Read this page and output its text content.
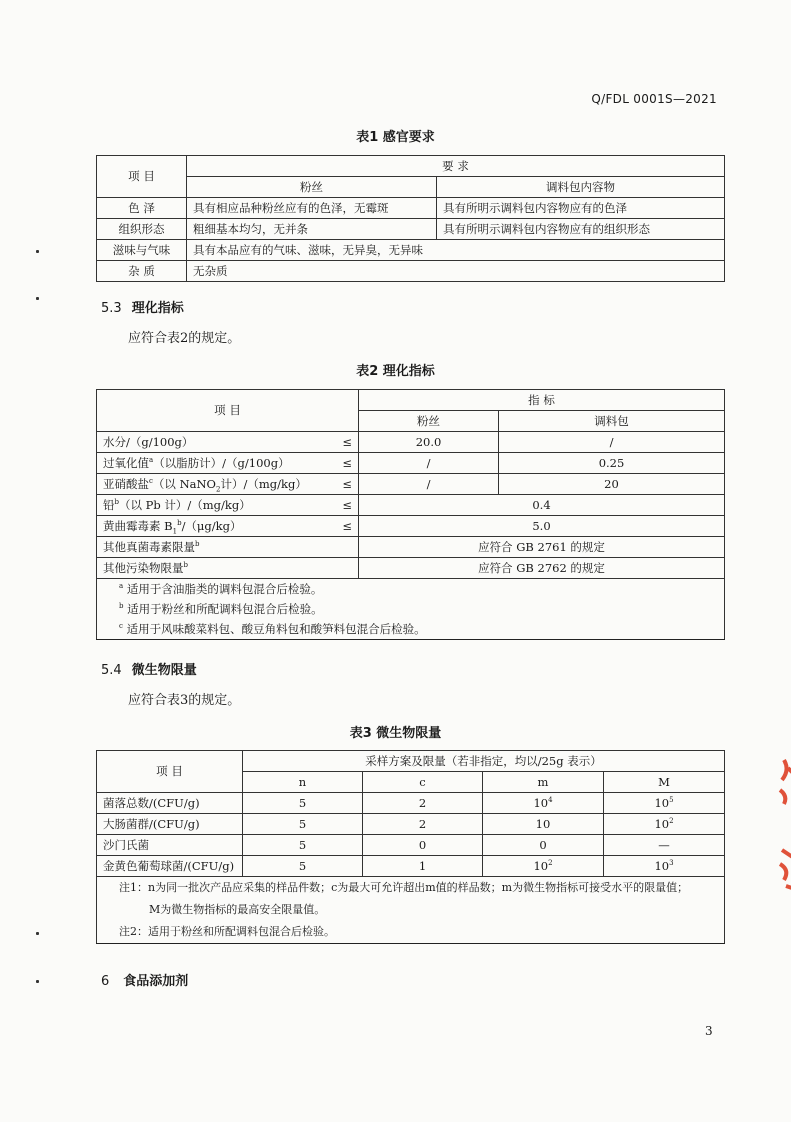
Q/FDL 0001S—2021
表1 感官要求
项 目	要 求	
	粉丝	调料包内容物
色 泽	具有相应品种粉丝应有的色泽，无霉斑	具有所明示调料包内容物应有的色泽
组织形态	粗细基本均匀，无并条	具有所明示调料包内容物应有的组织形态
滋味与气味	具有本品应有的气味、滋味，无异臭，无异味	
杂 质	无杂质	
5.3 理化指标
应符合表2的规定。
表2 理化指标
项 目	指 标	
	粉丝	调料包

水分/（g/100g） ≤	20.0	/

过氧化值$^a$（以脂肪计）/（g/100g） ≤	/	0.25

亚硝酸盐$^c$（以 NaNO$_2$计）/（mg/kg） ≤	/	20

铅$^b$（以 Pb 计）/（mg/kg） ≤	0.4	

黄曲霉毒素 $B_1^b/(\mu g/kg)$ ≤	5.0	
其他真菌毒素限量$^b$	应符合 GB 2761 的规定	
其他污染物限量$^b$	应符合 GB 2762 的规定	
$^a$ 适用于含油脂类的调料包混合后检验。		
$^b$ 适用于粉丝和所配调料包混合后检验。		
$^c$ 适用于风味酸菜料包、酸豆角料包和酸笋料包混合后检验。		
5.4 微生物限量
应符合表3的规定。
表3 微生物限量
项 目	采样方案及限量（若非指定，均以/25g 表示）			
	n	c	m	M
菌落总数/(CFU/g)	5	2	$10^4$	$10^5$
大肠菌群/(CFU/g)	5	2	10	$10^2$
沙门氏菌	5	0	0	—
金黄色葡萄球菌/(CFU/g)	5	1	$10^2$	$10^3$
注1：n为同一批次产品应采集的样品件数；c为最大可允许超出m值的样品数；m为微生物指标可接受水平的限量值；				
M为微生物指标的最高安全限量值。				
注2：适用于粉丝和所配调料包混合后检验。				
6 食品添加剂
3
